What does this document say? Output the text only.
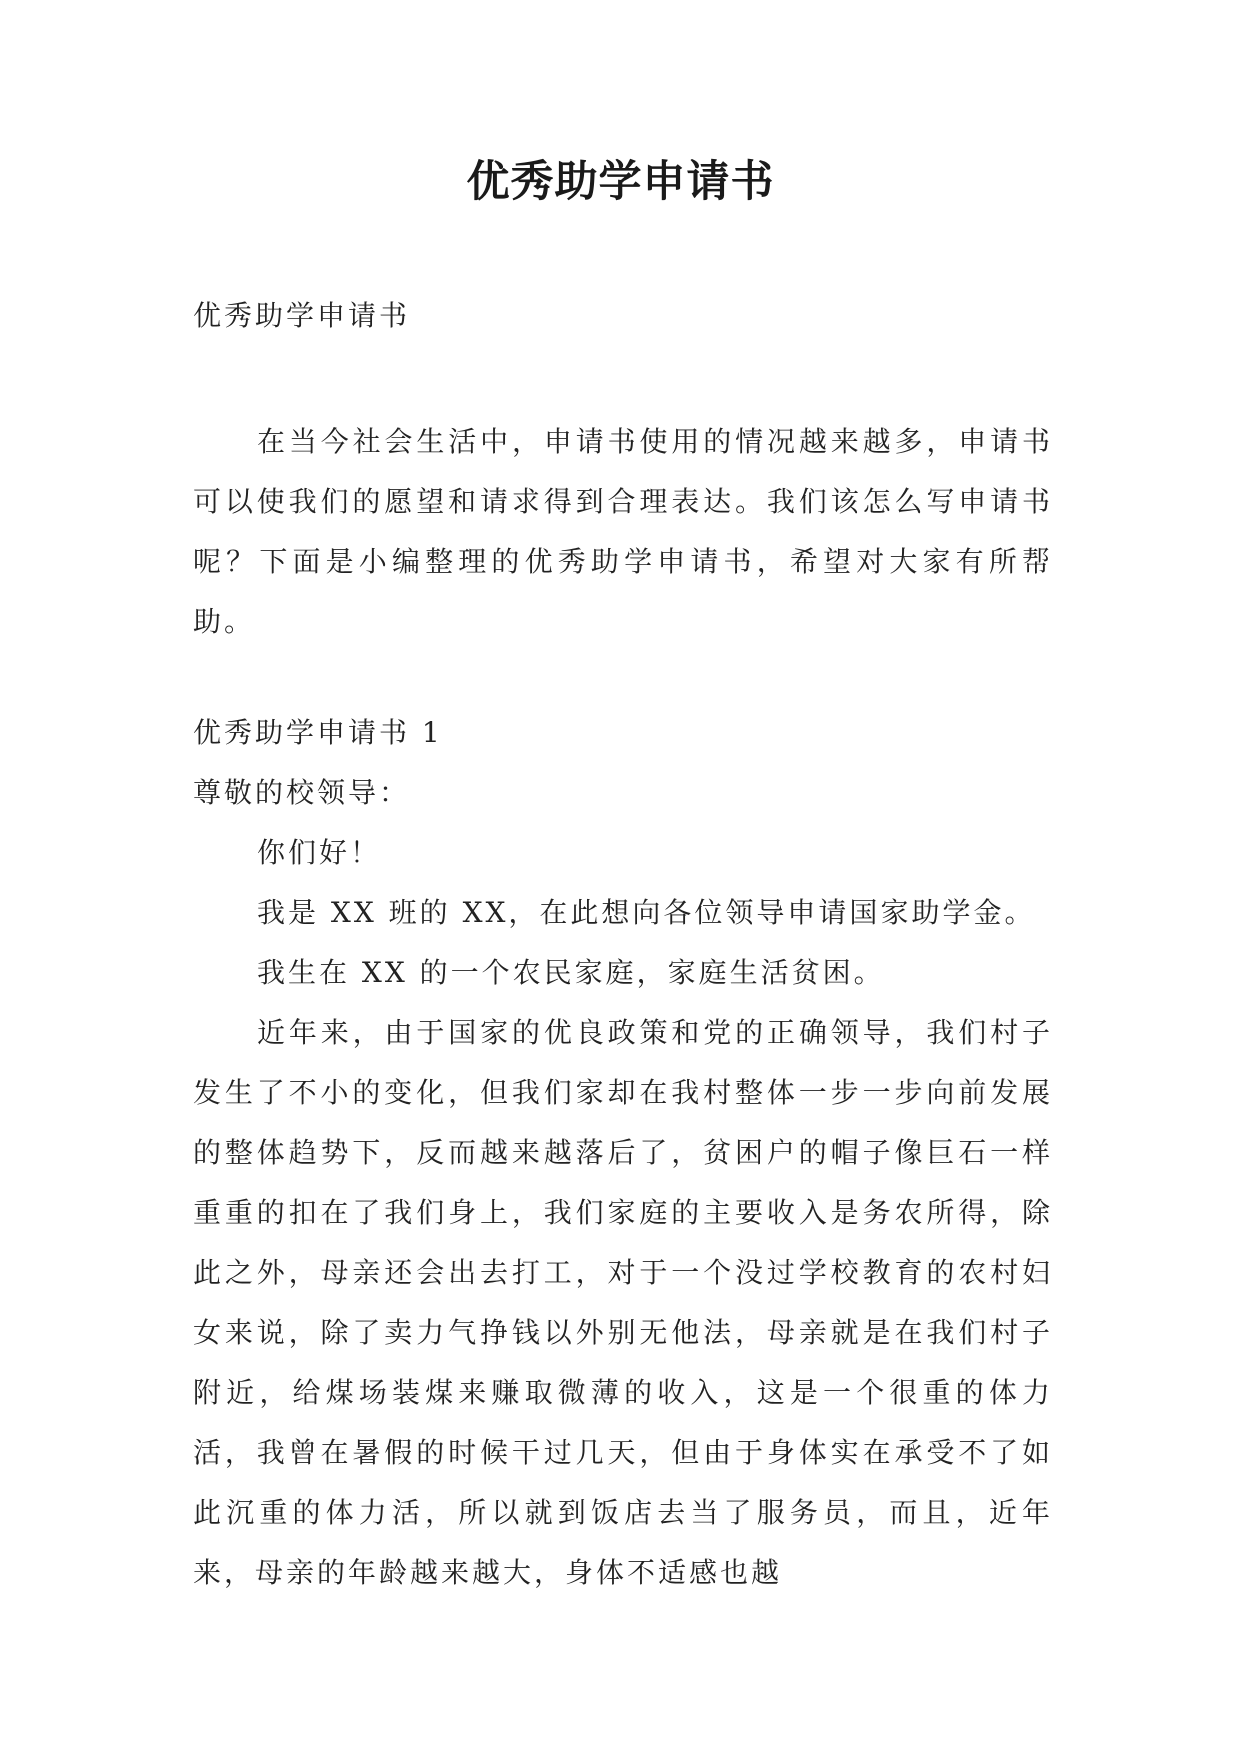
优秀助学申请书
优秀助学申请书

在当今社会生活中，申请书使用的情况越来越多，申请书可以使我们的愿望和请求得到合理表达。我们该怎么写申请书呢？下面是小编整理的优秀助学申请书，希望对大家有所帮助。

优秀助学申请书 1

尊敬的校领导：

你们好！

我是 XX 班的 XX，在此想向各位领导申请国家助学金。

我生在 XX 的一个农民家庭，家庭生活贫困。

近年来，由于国家的优良政策和党的正确领导，我们村子发生了不小的变化，但我们家却在我村整体一步一步向前发展的整体趋势下，反而越来越落后了，贫困户的帽子像巨石一样重重的扣在了我们身上，我们家庭的主要收入是务农所得，除此之外，母亲还会出去打工，对于一个没过学校教育的农村妇女来说，除了卖力气挣钱以外别无他法，母亲就是在我们村子附近，给煤场装煤来赚取微薄的收入，这是一个很重的体力活，我曾在暑假的时候干过几天，但由于身体实在承受不了如此沉重的体力活，所以就到饭店去当了服务员，而且，近年来，母亲的年龄越来越大，身体不适感也越
